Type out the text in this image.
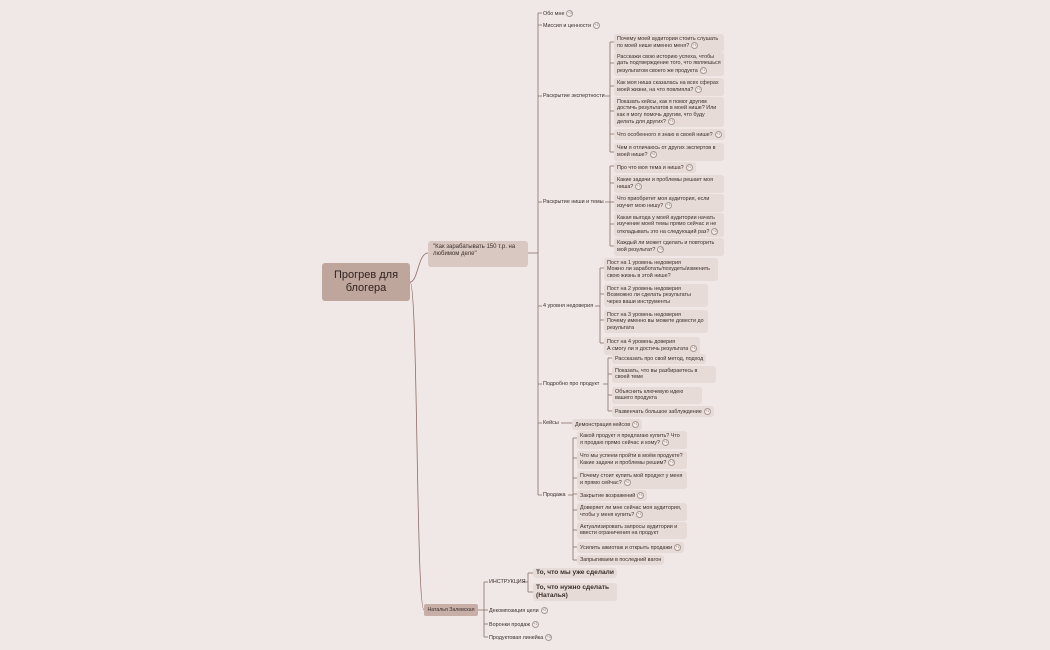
Прогрев для блогера
"Как зарабатывать 150 т.р. на любимом деле"
Наталья Залевская
Обо мне +3
Миссия и ценности +1
Раскрытие экспертности
Раскрытие ниши и темы
4 уровня недоверия
Подробно про продукт
Кейсы
Продажа
Почему моей аудитории стоить слушать по моей нише именно меня? +1
Расскажи свою историю успеха, чтобы дать подтверждение того, что являешься результатом своего же продукта +1
Как моя ниша сказалась на всех сферах моей жизни, на что повлияла? +1
Показать кейсы, как я помог другим достичь результатов в моей нише? Или как я могу помочь другим, что буду делать для других? +1
Что особенного я знаю в своей нише? +1
Чем я отличаюсь от других экспертов в моей нише? +2
Про что моя тема и ниша? +1
Какие задачи и проблемы решает моя ниша? +1
Что приобретет моя аудитория, если изучит мою нишу? +1
Какая выгода у моей аудитории начать изучение моей темы прямо сейчас и не откладывать это на следующий раз? +2
Каждый ли может сделать и повторить мой результат? +3
Пост на 1 уровень недоверия
Можно ли заработать/похудеть/изменить свою жизнь в этой нише?
Пост на 2 уровень недоверия
Возможно ли сделать результаты через ваши инструменты
Пост на 3 уровень недоверия
Почему именно вы можете довести до результата
Пост на 4 уровень доверия
А смогу ли я достичь результата +1
Рассказать про свой метод, подход
Показать, что вы разбираетесь в своей теме
Объяснить ключевую идею вашего продукта
Развенчать большое заблуждение +1
Демонстрация кейсов +1
Какой продукт я предлагаю купить? Что я продаю прямо сейчас и кому? +1
Что мы успеем пройти в моём продукте? Какие задачи и проблемы решим? +2
Почему стоит купить мой продукт у меня и прямо сейчас? +2
Закрытие возражений +1
Доверяет ли мне сейчас моя аудитория, чтобы у меня купить? +1
Актуализировать запросы аудитории и ввести ограничения на продукт
Усилить ажиотаж и открыть продажи +1
Запрыгиваем в последний вагон
ИНСТРУКЦИЯ
То, что мы уже сделали
То, что нужно сделать (Наталья)
Декомпозиция цели +3
Воронки продаж +1
Продуктовая линейка +3
